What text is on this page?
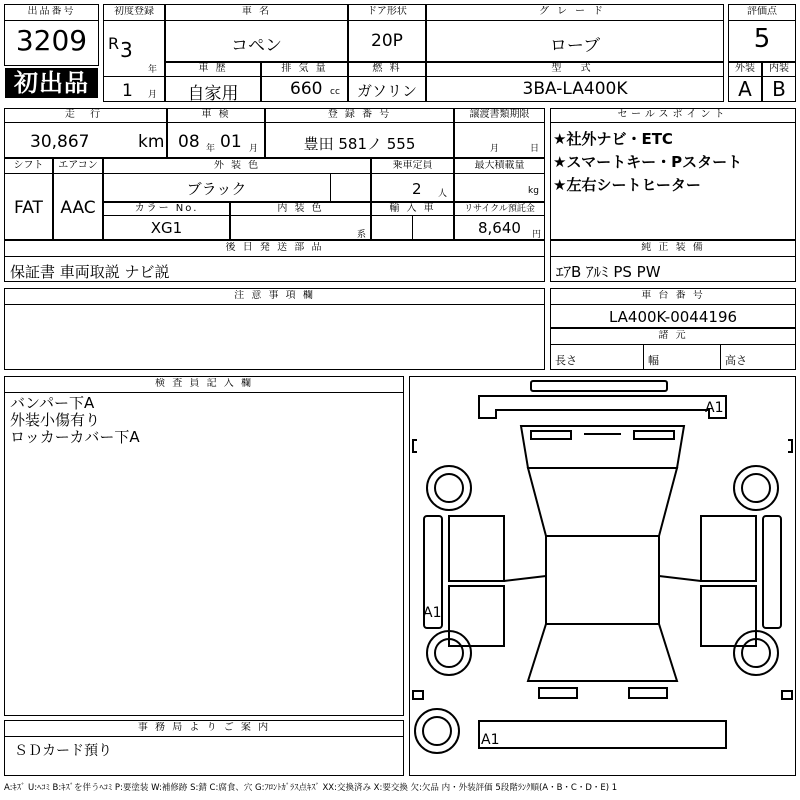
出品番号
3209
初出品
初度登録
R 3
年
1 月
車 名
コペン
ドア形状
20P
グレード
ローブ
評価点
5
車 歴
自家用
排 気 量
660 cc
燃 料
ガソリン
型 式
3BA-LA400K
外装
A
内装
B
走 行
30,867	km
車 検
08 年 01 月
登 録 番 号
豊田 581ノ 555
譲渡書類期限
月	日
シフト
FAT
エアコン
AAC
外 装 色
ブラック
乗車定員
2 人
最大積載量
kg
カラー No.
XG1
内 装 色
系
輸 入 車	リサイクル預託金
8,640 円
後 日 発 送 部 品
保証書 車両取説 ナビ説
注 意 事 項 欄
セールスポイント
★社外ナビ・ETC
★スマートキー・Pスタート
★左右シートヒーター
純 正 装 備
ｴｱB ｱﾙﾐ PS PW
車 台 番 号
LA400K-0044196
諸 元
長さ	幅	高さ
検 査 員 記 入 欄
バンパー下A
外装小傷有り
ロッカーカバー下A
事 務 局 よ り ご 案 内
ＳＤカード預り
A1
A1
A1
A:ｷｽﾞ U:ﾍｺﾐ B:ｷｽﾞを伴うﾍｺﾐ P:要塗装 W:補修跡 S:錆 C:腐食、穴 G:ﾌﾛﾝﾄｶﾞﾗｽ点ｷｽﾞ XX:交換済み X:要交換 欠:欠品 内・外装評価 5段階ﾗﾝｸ順(A・B・C・D・E) 1
